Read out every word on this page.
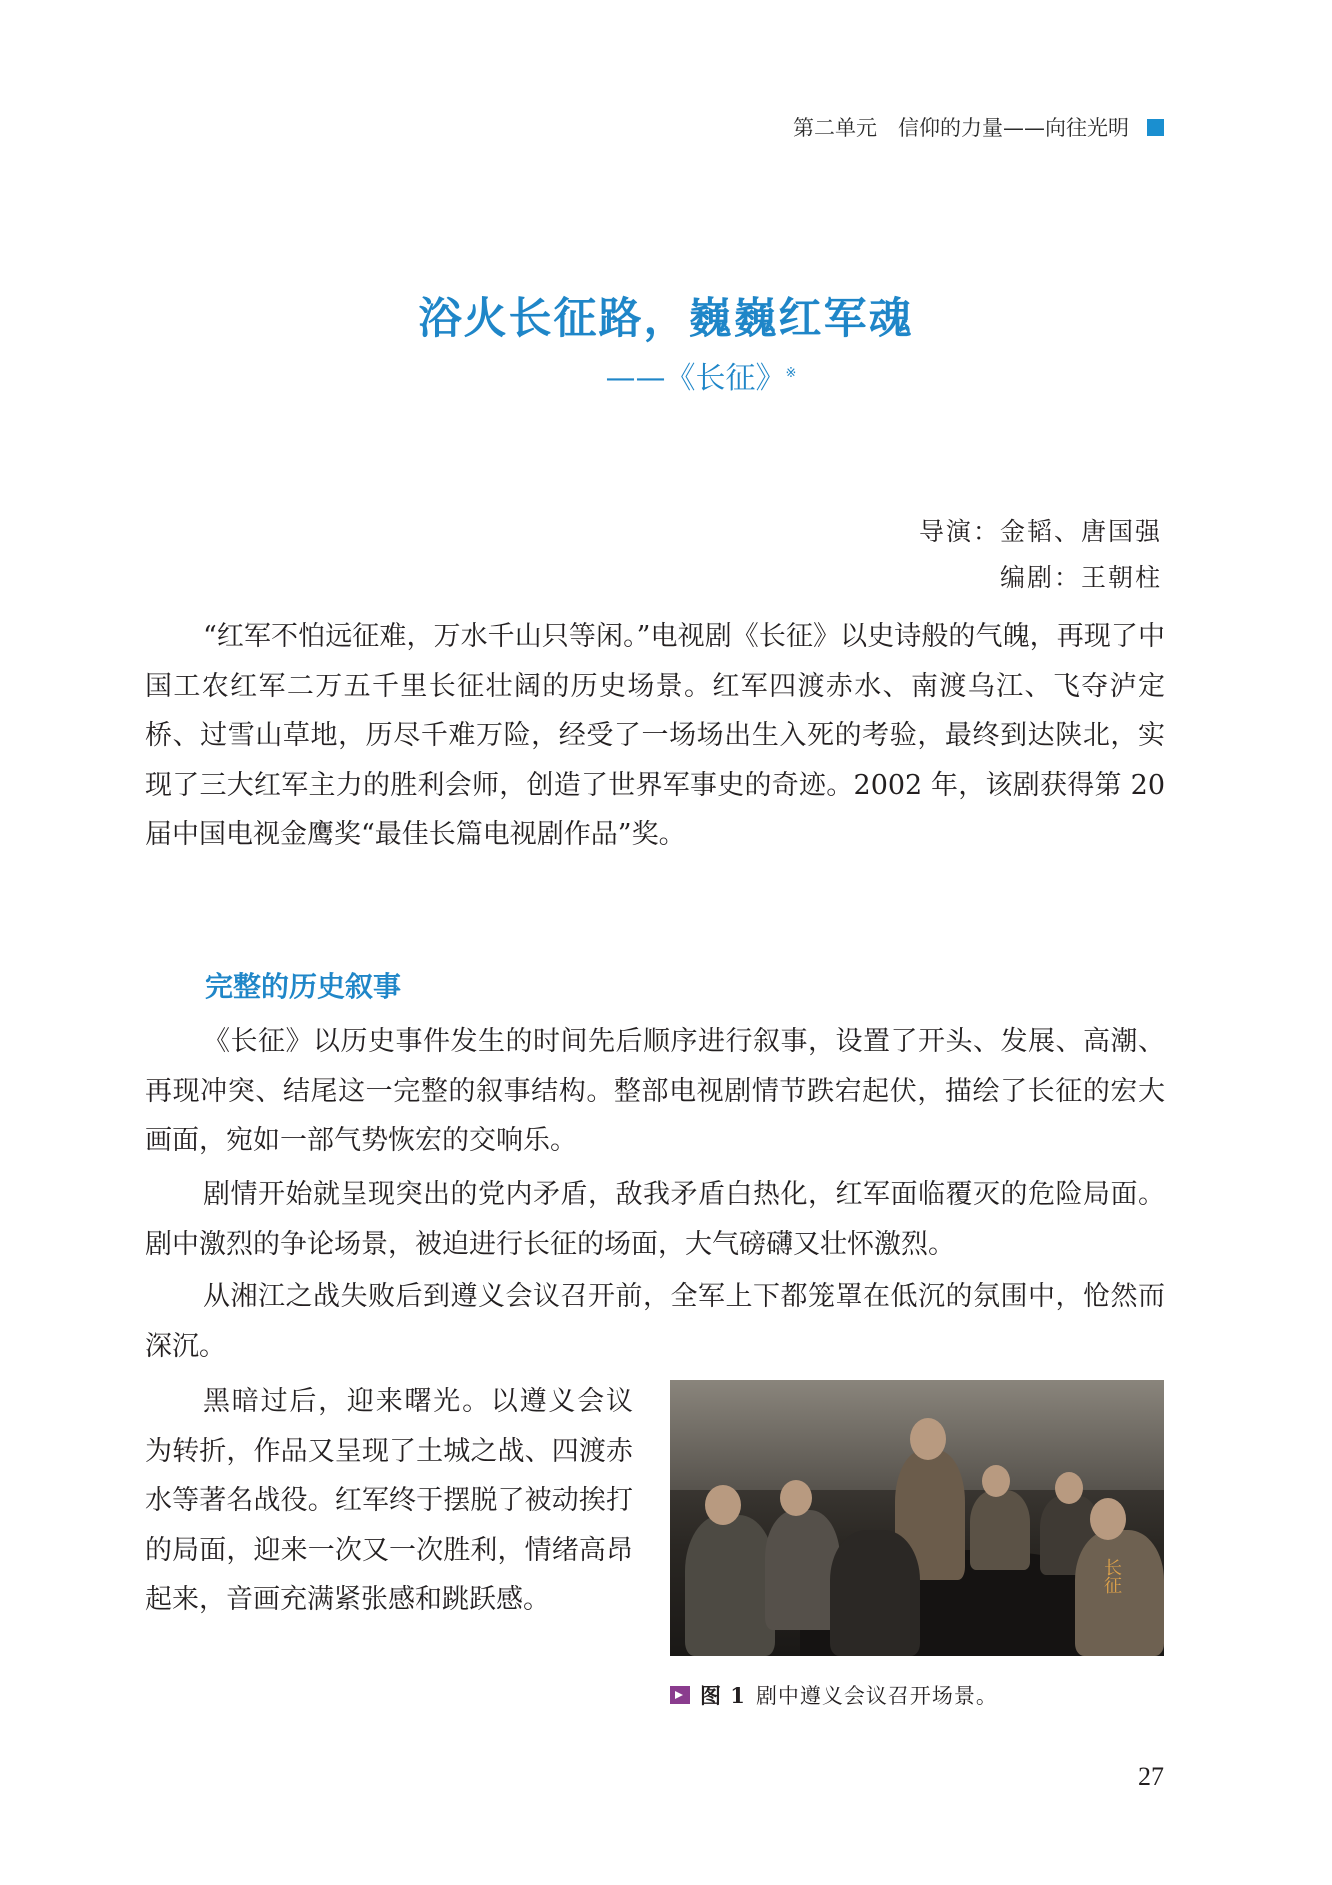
第二单元　信仰的力量——向往光明
浴火长征路，巍巍红军魂
——《长征》※
导演：金韬、唐国强
编剧：王朝柱

“红军不怕远征难，万水千山只等闲。”电视剧《长征》以史诗般的气魄，再现了中国工农红军二万五千里长征壮阔的历史场景。红军四渡赤水、南渡乌江、飞夺泸定桥、过雪山草地，历尽千难万险，经受了一场场出生入死的考验，最终到达陕北，实现了三大红军主力的胜利会师，创造了世界军事史的奇迹。2002 年，该剧获得第 20 届中国电视金鹰奖“最佳长篇电视剧作品”奖。

完整的历史叙事

《长征》以历史事件发生的时间先后顺序进行叙事，设置了开头、发展、高潮、再现冲突、结尾这一完整的叙事结构。整部电视剧情节跌宕起伏，描绘了长征的宏大画面，宛如一部气势恢宏的交响乐。

剧情开始就呈现突出的党内矛盾，敌我矛盾白热化，红军面临覆灭的危险局面。剧中激烈的争论场景，被迫进行长征的场面，大气磅礴又壮怀激烈。

从湘江之战失败后到遵义会议召开前，全军上下都笼罩在低沉的氛围中，怆然而深沉。

黑暗过后，迎来曙光。以遵义会议为转折，作品又呈现了土城之战、四渡赤水等著名战役。红军终于摆脱了被动挨打的局面，迎来一次又一次胜利，情绪高昂起来，音画充满紧张感和跳跃感。

长征
图 1 剧中遵义会议召开场景。
27
